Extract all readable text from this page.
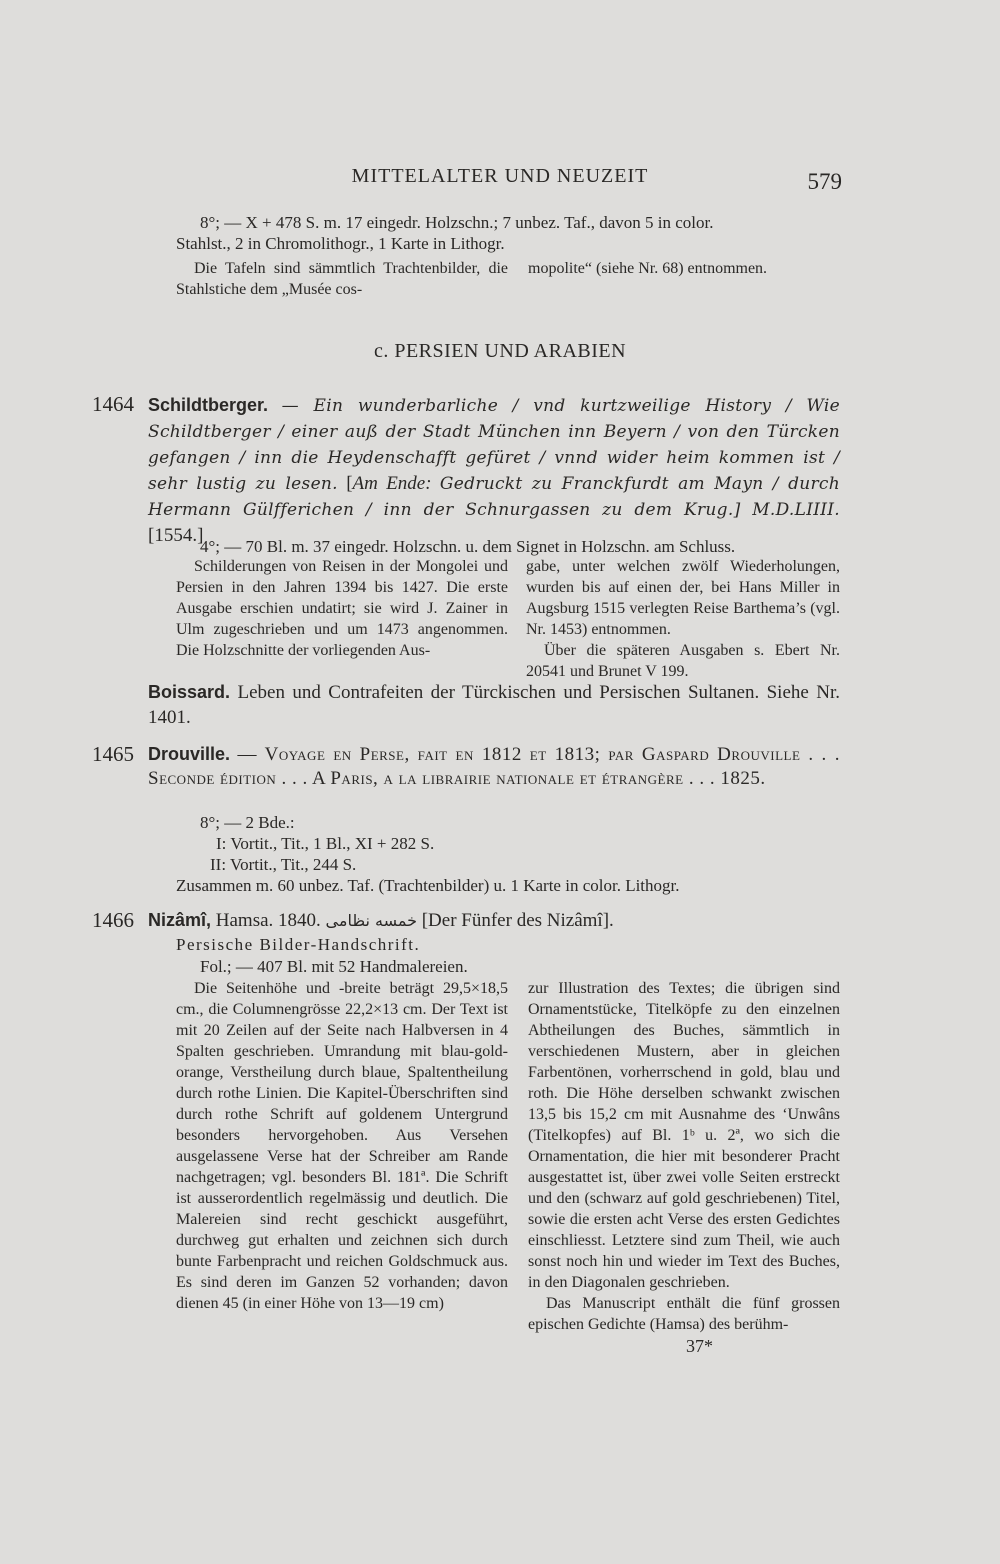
MITTELALTER UND NEUZEIT	579

8°; — X + 478 S. m. 17 eingedr. Holzschn.; 7 unbez. Taf., davon 5 in color.

Stahlst., 2 in Chromolithogr., 1 Karte in Lithogr.

Die Tafeln sind sämmtlich Trachtenbilder, die Stahlstiche dem „Musée cos-

mopolite“ (siehe Nr. 68) entnommen.

c. PERSIEN UND ARABIEN
1464 Schildtberger. — Ein wunderbarliche / vnd kurtzweilige History / Wie Schildtberger / einer auß der Stadt München inn Beyern / von den Türcken gefangen / inn die Heydenschafft gefüret / vnnd wider heim kommen ist / sehr lustig zu lesen. [Am Ende: Gedruckt zu Franckfurdt am Mayn / durch Hermann Gülfferichen / inn der Schnurgassen zu dem Krug.] M.D.LIIII. [1554.]
4°; — 70 Bl. m. 37 eingedr. Holzschn. u. dem Signet in Holzschn. am Schluss.

Schilderungen von Reisen in der Mongolei und Persien in den Jahren 1394 bis 1427. Die erste Ausgabe erschien undatirt; sie wird J. Zainer in Ulm zugeschrieben und um 1473 angenommen. Die Holzschnitte der vorliegenden Aus-

gabe, unter welchen zwölf Wiederholungen, wurden bis auf einen der, bei Hans Miller in Augsburg 1515 verlegten Reise Barthema’s (vgl. Nr. 1453) entnommen.

Über die späteren Ausgaben s. Ebert Nr. 20541 und Brunet V 199.

Boissard. Leben und Contrafeiten der Türckischen und Persischen Sultanen. Siehe Nr. 1401.
1465 Drouville. — Voyage en Perse, fait en 1812 et 1813; par Gaspard Drouville . . . Seconde édition . . . A Paris, a la librairie nationale et étrangère . . . 1825.

8°; — 2 Bde.:

I: Vortit., Tit., 1 Bl., XI + 282 S.

II: Vortit., Tit., 244 S.

Zusammen m. 60 unbez. Taf. (Trachtenbilder) u. 1 Karte in color. Lithogr.
1466 Nizâmî, Hamsa. 1840. خمسه نظامی [Der Fünfer des Nizâmî].
Persische Bilder-Handschrift.
Fol.; — 407 Bl. mit 52 Handmalereien.

Die Seitenhöhe und -breite beträgt 29,5×18,5 cm., die Columnengrösse 22,2×13 cm. Der Text ist mit 20 Zeilen auf der Seite nach Halbversen in 4 Spalten geschrieben. Umrandung mit blau-gold-orange, Verstheilung durch blaue, Spaltentheilung durch rothe Linien. Die Kapitel-Überschriften sind durch rothe Schrift auf goldenem Untergrund besonders hervorgehoben. Aus Versehen ausgelassene Verse hat der Schreiber am Rande nachgetragen; vgl. besonders Bl. 181ª. Die Schrift ist ausserordentlich regelmässig und deutlich. Die Malereien sind recht geschickt ausgeführt, durchweg gut erhalten und zeichnen sich durch bunte Farbenpracht und reichen Goldschmuck aus. Es sind deren im Ganzen 52 vorhanden; davon dienen 45 (in einer Höhe von 13—19 cm)

zur Illustration des Textes; die übrigen sind Ornamentstücke, Titelköpfe zu den einzelnen Abtheilungen des Buches, sämmtlich in verschiedenen Mustern, aber in gleichen Farbentönen, vorherrschend in gold, blau und roth. Die Höhe derselben schwankt zwischen 13,5 bis 15,2 cm mit Ausnahme des ‘Unwâns (Titelkopfes) auf Bl. 1ᵇ u. 2ª, wo sich die Ornamentation, die hier mit besonderer Pracht ausgestattet ist, über zwei volle Seiten erstreckt und den (schwarz auf gold geschriebenen) Titel, sowie die ersten acht Verse des ersten Gedichtes einschliesst. Letztere sind zum Theil, wie auch sonst noch hin und wieder im Text des Buches, in den Diagonalen geschrieben.

Das Manuscript enthält die fünf grossen epischen Gedichte (Hamsa) des berühm-

37*
